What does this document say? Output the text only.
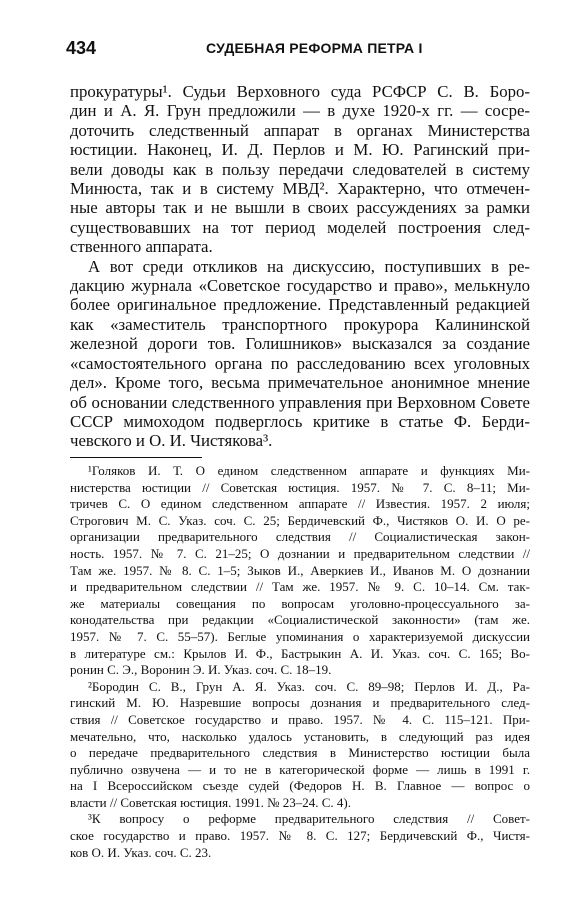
434	СУДЕБНАЯ РЕФОРМА ПЕТРА I
прокуратуры¹. Судьи Верховного суда РСФСР С. В. Боро-
дин и А. Я. Грун предложили — в духе 1920-х гг. — сосре-
доточить следственный аппарат в органах Министерства
юстиции. Наконец, И. Д. Перлов и М. Ю. Рагинский при-
вели доводы как в пользу передачи следователей в систему
Минюста, так и в систему МВД². Характерно, что отмечен-
ные авторы так и не вышли в своих рассуждениях за рамки
существовавших на тот период моделей построения след-
ственного аппарата.
А вот среди откликов на дискуссию, поступивших в ре-
дакцию журнала «Советское государство и право», мелькнуло
более оригинальное предложение. Представленный редакцией
как «заместитель транспортного прокурора Калининской
железной дороги тов. Голишников» высказался за создание
«самостоятельного органа по расследованию всех уголовных
дел». Кроме того, весьма примечательное анонимное мнение
об основании следственного управления при Верховном Совете
СССР мимоходом подверглось критике в статье Ф. Берди-
чевского и О. И. Чистякова³.
¹Голяков И. Т. О едином следственном аппарате и функциях Ми-
нистерства юстиции // Советская юстиция. 1957. № 7. С. 8–11; Ми-
тричев С. О едином следственном аппарате // Известия. 1957. 2 июля;
Строгович М. С. Указ. соч. С. 25; Бердичевский Ф., Чистяков О. И. О ре-
организации предварительного следствия // Социалистическая закон-
ность. 1957. № 7. С. 21–25; О дознании и предварительном следствии //
Там же. 1957. № 8. С. 1–5; Зыков И., Аверкиев И., Иванов М. О дознании
и предварительном следствии // Там же. 1957. № 9. С. 10–14. См. так-
же материалы совещания по вопросам уголовно-процессуального за-
конодательства при редакции «Социалистической законности» (там же.
1957. № 7. С. 55–57). Беглые упоминания о характеризуемой дискуссии
в литературе см.: Крылов И. Ф., Бастрыкин А. И. Указ. соч. С. 165; Во-
ронин С. Э., Воронин Э. И. Указ. соч. С. 18–19.
²Бородин С. В., Грун А. Я. Указ. соч. С. 89–98; Перлов И. Д., Ра-
гинский М. Ю. Назревшие вопросы дознания и предварительного след-
ствия // Советское государство и право. 1957. № 4. С. 115–121. При-
мечательно, что, насколько удалось установить, в следующий раз идея
о передаче предварительного следствия в Министерство юстиции была
публично озвучена — и то не в категорической форме — лишь в 1991 г.
на I Всероссийском съезде судей (Федоров Н. В. Главное — вопрос о
власти // Советская юстиция. 1991. № 23–24. С. 4).
³К вопросу о реформе предварительного следствия // Совет-
ское государство и право. 1957. № 8. С. 127; Бердичевский Ф., Чистя-
ков О. И. Указ. соч. С. 23.
